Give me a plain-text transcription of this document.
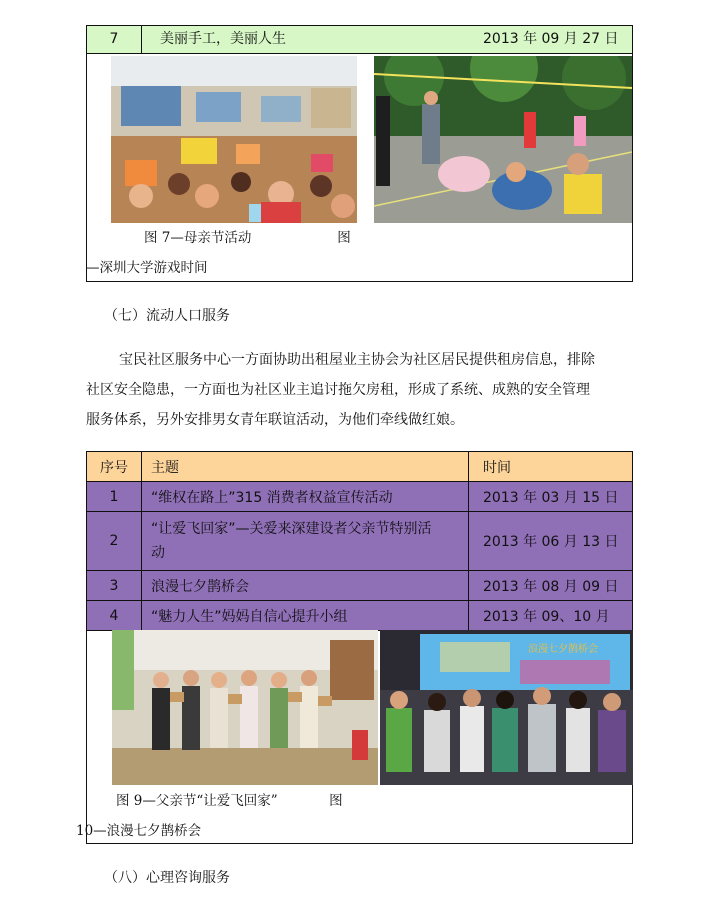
7	美丽手工，美丽人生	2013 年 09 月 27 日
图 7—母亲节活动                    图
—深圳大学游戏时间
（七）流动人口服务
宝民社区服务中心一方面协助出租屋业主协会为社区居民提供租房信息，排除
社区安全隐患，一方面也为社区业主追讨拖欠房租，形成了系统、成熟的安全管理
服务体系，另外安排男女青年联谊活动，为他们牵线做红娘。
序号	主题	时间
1	“维权在路上”315 消费者权益宣传活动	2013 年 03 月 15 日
2	“让爱飞回家”—关爱来深建设者父亲节特别活
动	2013 年 06 月 13 日
3	浪漫七夕鹊桥会	2013 年 08 月 09 日
4	“魅力人生”妈妈自信心提升小组	2013 年 09、10 月
浪漫七夕鹊桥会
图 9—父亲节“让爱飞回家”            图
10—浪漫七夕鹊桥会
（八）心理咨询服务
